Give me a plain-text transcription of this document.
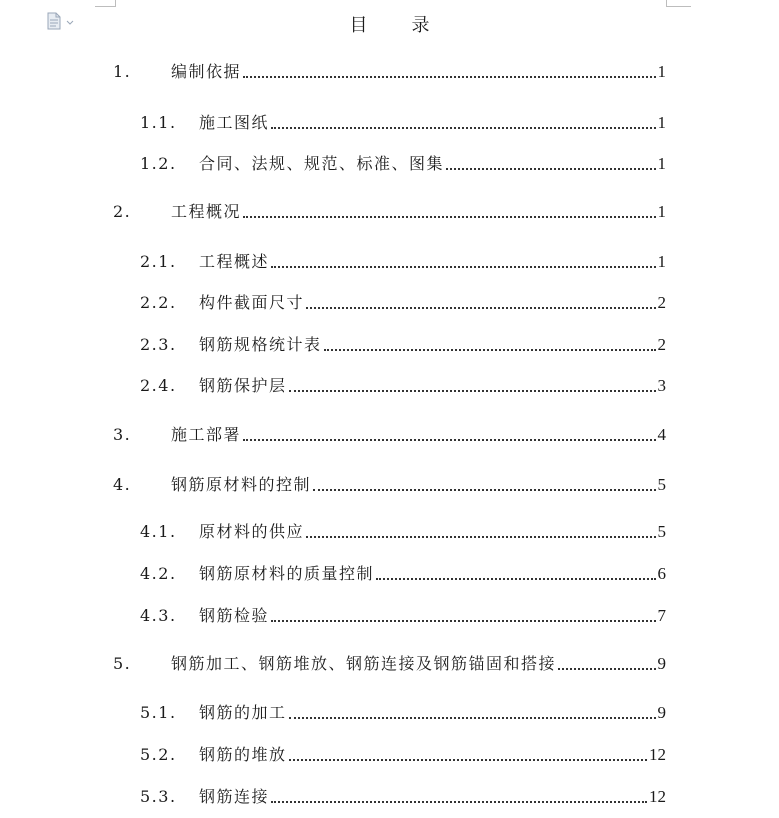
目 录
1. 编制依据	1
1.1. 施工图纸	1
1.2. 合同、法规、规范、标准、图集	1
2. 工程概况	1
2.1. 工程概述	1
2.2. 构件截面尺寸	2
2.3. 钢筋规格统计表	2
2.4. 钢筋保护层	3
3. 施工部署	4
4. 钢筋原材料的控制	5
4.1. 原材料的供应	5
4.2. 钢筋原材料的质量控制	6
4.3. 钢筋检验	7
5. 钢筋加工、钢筋堆放、钢筋连接及钢筋锚固和搭接	9
5.1. 钢筋的加工	9
5.2. 钢筋的堆放	12
5.3. 钢筋连接	12
